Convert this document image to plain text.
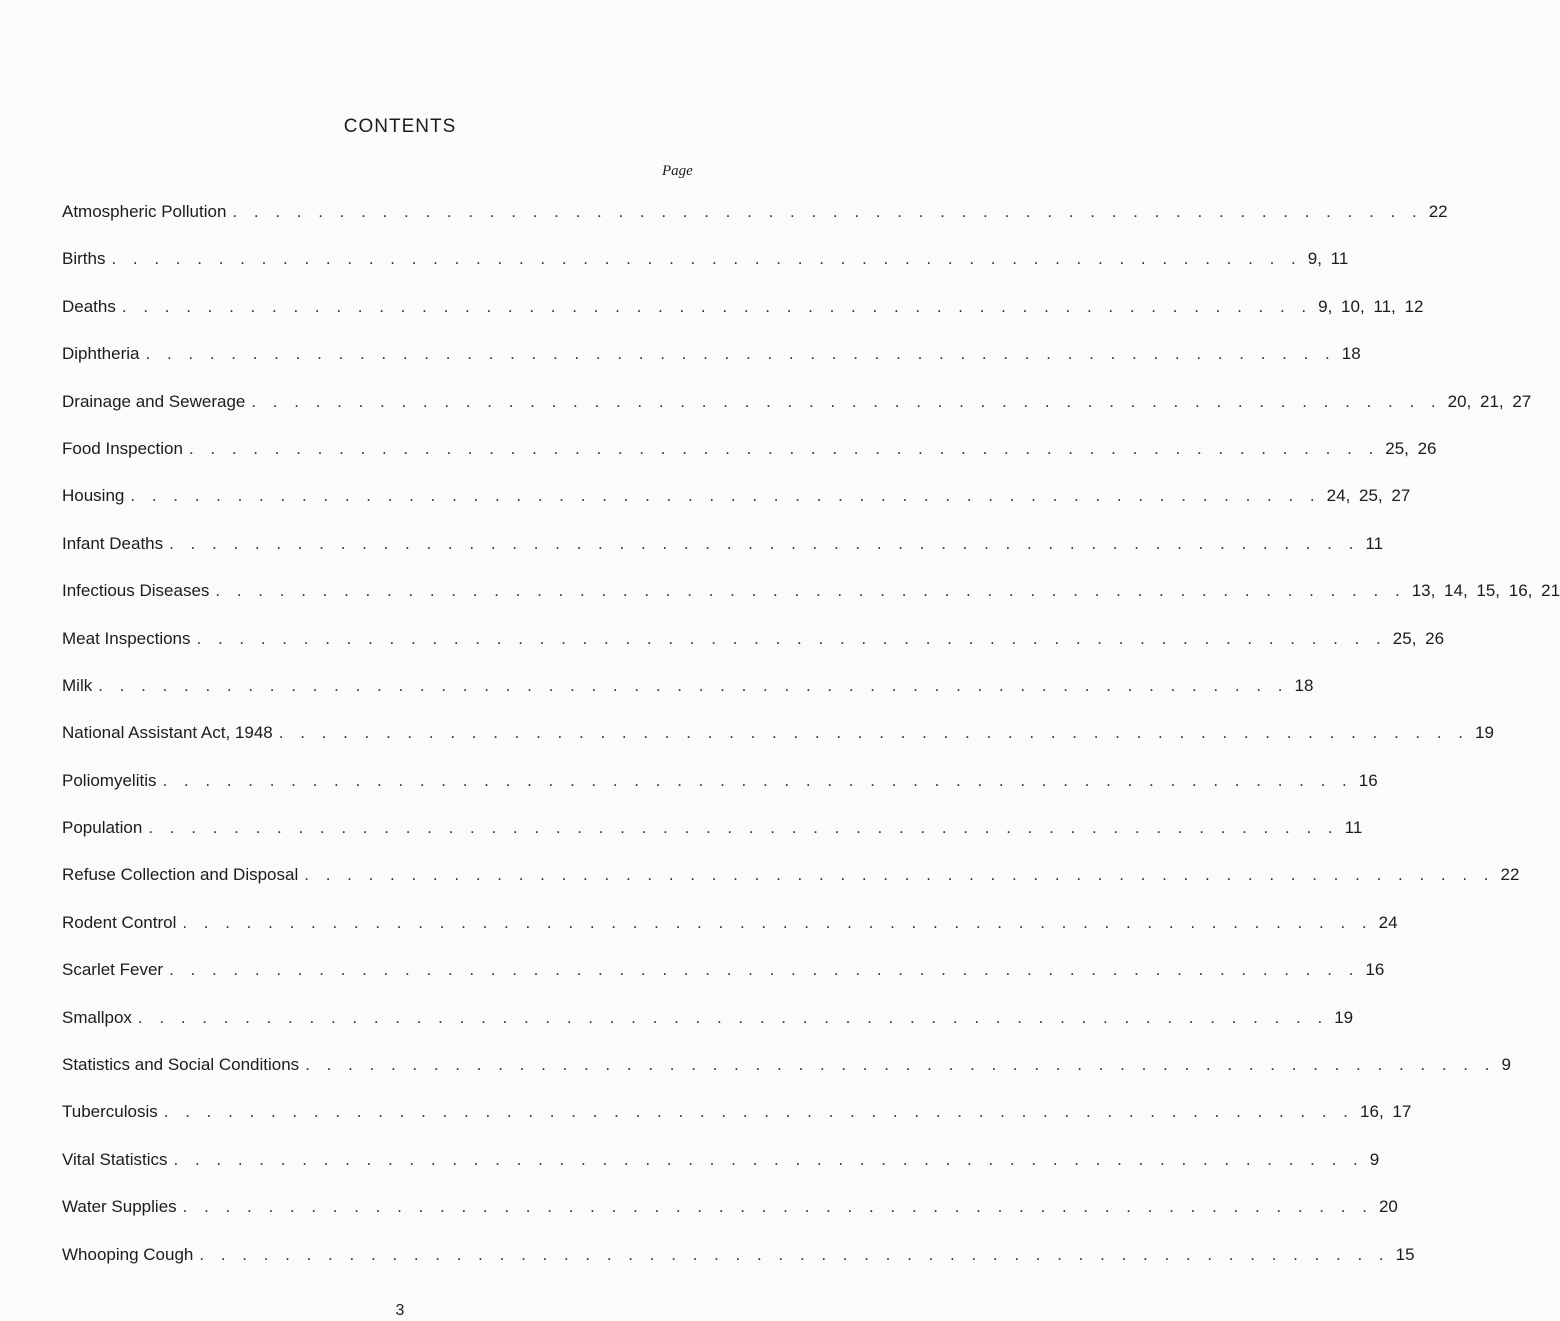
CONTENTS
Page
Atmospheric Pollution . . . . . . . . . . . . . . . . . . . . . . . . . . . . . . . . . . . . . . . . . . . . . . . . . . . . . . . . 22
Births . . . . . . . . . . . . . . . . . . . . . . . . . . . . . . . . . . . . . . . . . . . . . . . . . . . . . . . . 9, 11
Deaths . . . . . . . . . . . . . . . . . . . . . . . . . . . . . . . . . . . . . . . . . . . . . . . . . . . . . . . . 9, 10, 11, 12
Diphtheria . . . . . . . . . . . . . . . . . . . . . . . . . . . . . . . . . . . . . . . . . . . . . . . . . . . . . . . . 18
Drainage and Sewerage . . . . . . . . . . . . . . . . . . . . . . . . . . . . . . . . . . . . . . . . . . . . . . . . . . . . . . . . 20, 21, 27
Food Inspection . . . . . . . . . . . . . . . . . . . . . . . . . . . . . . . . . . . . . . . . . . . . . . . . . . . . . . . . 25, 26
Housing . . . . . . . . . . . . . . . . . . . . . . . . . . . . . . . . . . . . . . . . . . . . . . . . . . . . . . . . 24, 25, 27
Infant Deaths . . . . . . . . . . . . . . . . . . . . . . . . . . . . . . . . . . . . . . . . . . . . . . . . . . . . . . . . 11
Infectious Diseases . . . . . . . . . . . . . . . . . . . . . . . . . . . . . . . . . . . . . . . . . . . . . . . . . . . . . . . . 13, 14, 15, 16, 21
Meat Inspections . . . . . . . . . . . . . . . . . . . . . . . . . . . . . . . . . . . . . . . . . . . . . . . . . . . . . . . . 25, 26
Milk . . . . . . . . . . . . . . . . . . . . . . . . . . . . . . . . . . . . . . . . . . . . . . . . . . . . . . . . 18
National Assistant Act, 1948 . . . . . . . . . . . . . . . . . . . . . . . . . . . . . . . . . . . . . . . . . . . . . . . . . . . . . . . . 19
Poliomyelitis . . . . . . . . . . . . . . . . . . . . . . . . . . . . . . . . . . . . . . . . . . . . . . . . . . . . . . . . 16
Population . . . . . . . . . . . . . . . . . . . . . . . . . . . . . . . . . . . . . . . . . . . . . . . . . . . . . . . . 11
Refuse Collection and Disposal . . . . . . . . . . . . . . . . . . . . . . . . . . . . . . . . . . . . . . . . . . . . . . . . . . . . . . . . 22
Rodent Control . . . . . . . . . . . . . . . . . . . . . . . . . . . . . . . . . . . . . . . . . . . . . . . . . . . . . . . . 24
Scarlet Fever . . . . . . . . . . . . . . . . . . . . . . . . . . . . . . . . . . . . . . . . . . . . . . . . . . . . . . . . 16
Smallpox . . . . . . . . . . . . . . . . . . . . . . . . . . . . . . . . . . . . . . . . . . . . . . . . . . . . . . . . 19
Statistics and Social Conditions . . . . . . . . . . . . . . . . . . . . . . . . . . . . . . . . . . . . . . . . . . . . . . . . . . . . . . . . 9
Tuberculosis . . . . . . . . . . . . . . . . . . . . . . . . . . . . . . . . . . . . . . . . . . . . . . . . . . . . . . . . 16, 17
Vital Statistics . . . . . . . . . . . . . . . . . . . . . . . . . . . . . . . . . . . . . . . . . . . . . . . . . . . . . . . . 9
Water Supplies . . . . . . . . . . . . . . . . . . . . . . . . . . . . . . . . . . . . . . . . . . . . . . . . . . . . . . . . 20
Whooping Cough . . . . . . . . . . . . . . . . . . . . . . . . . . . . . . . . . . . . . . . . . . . . . . . . . . . . . . . . 15
3
